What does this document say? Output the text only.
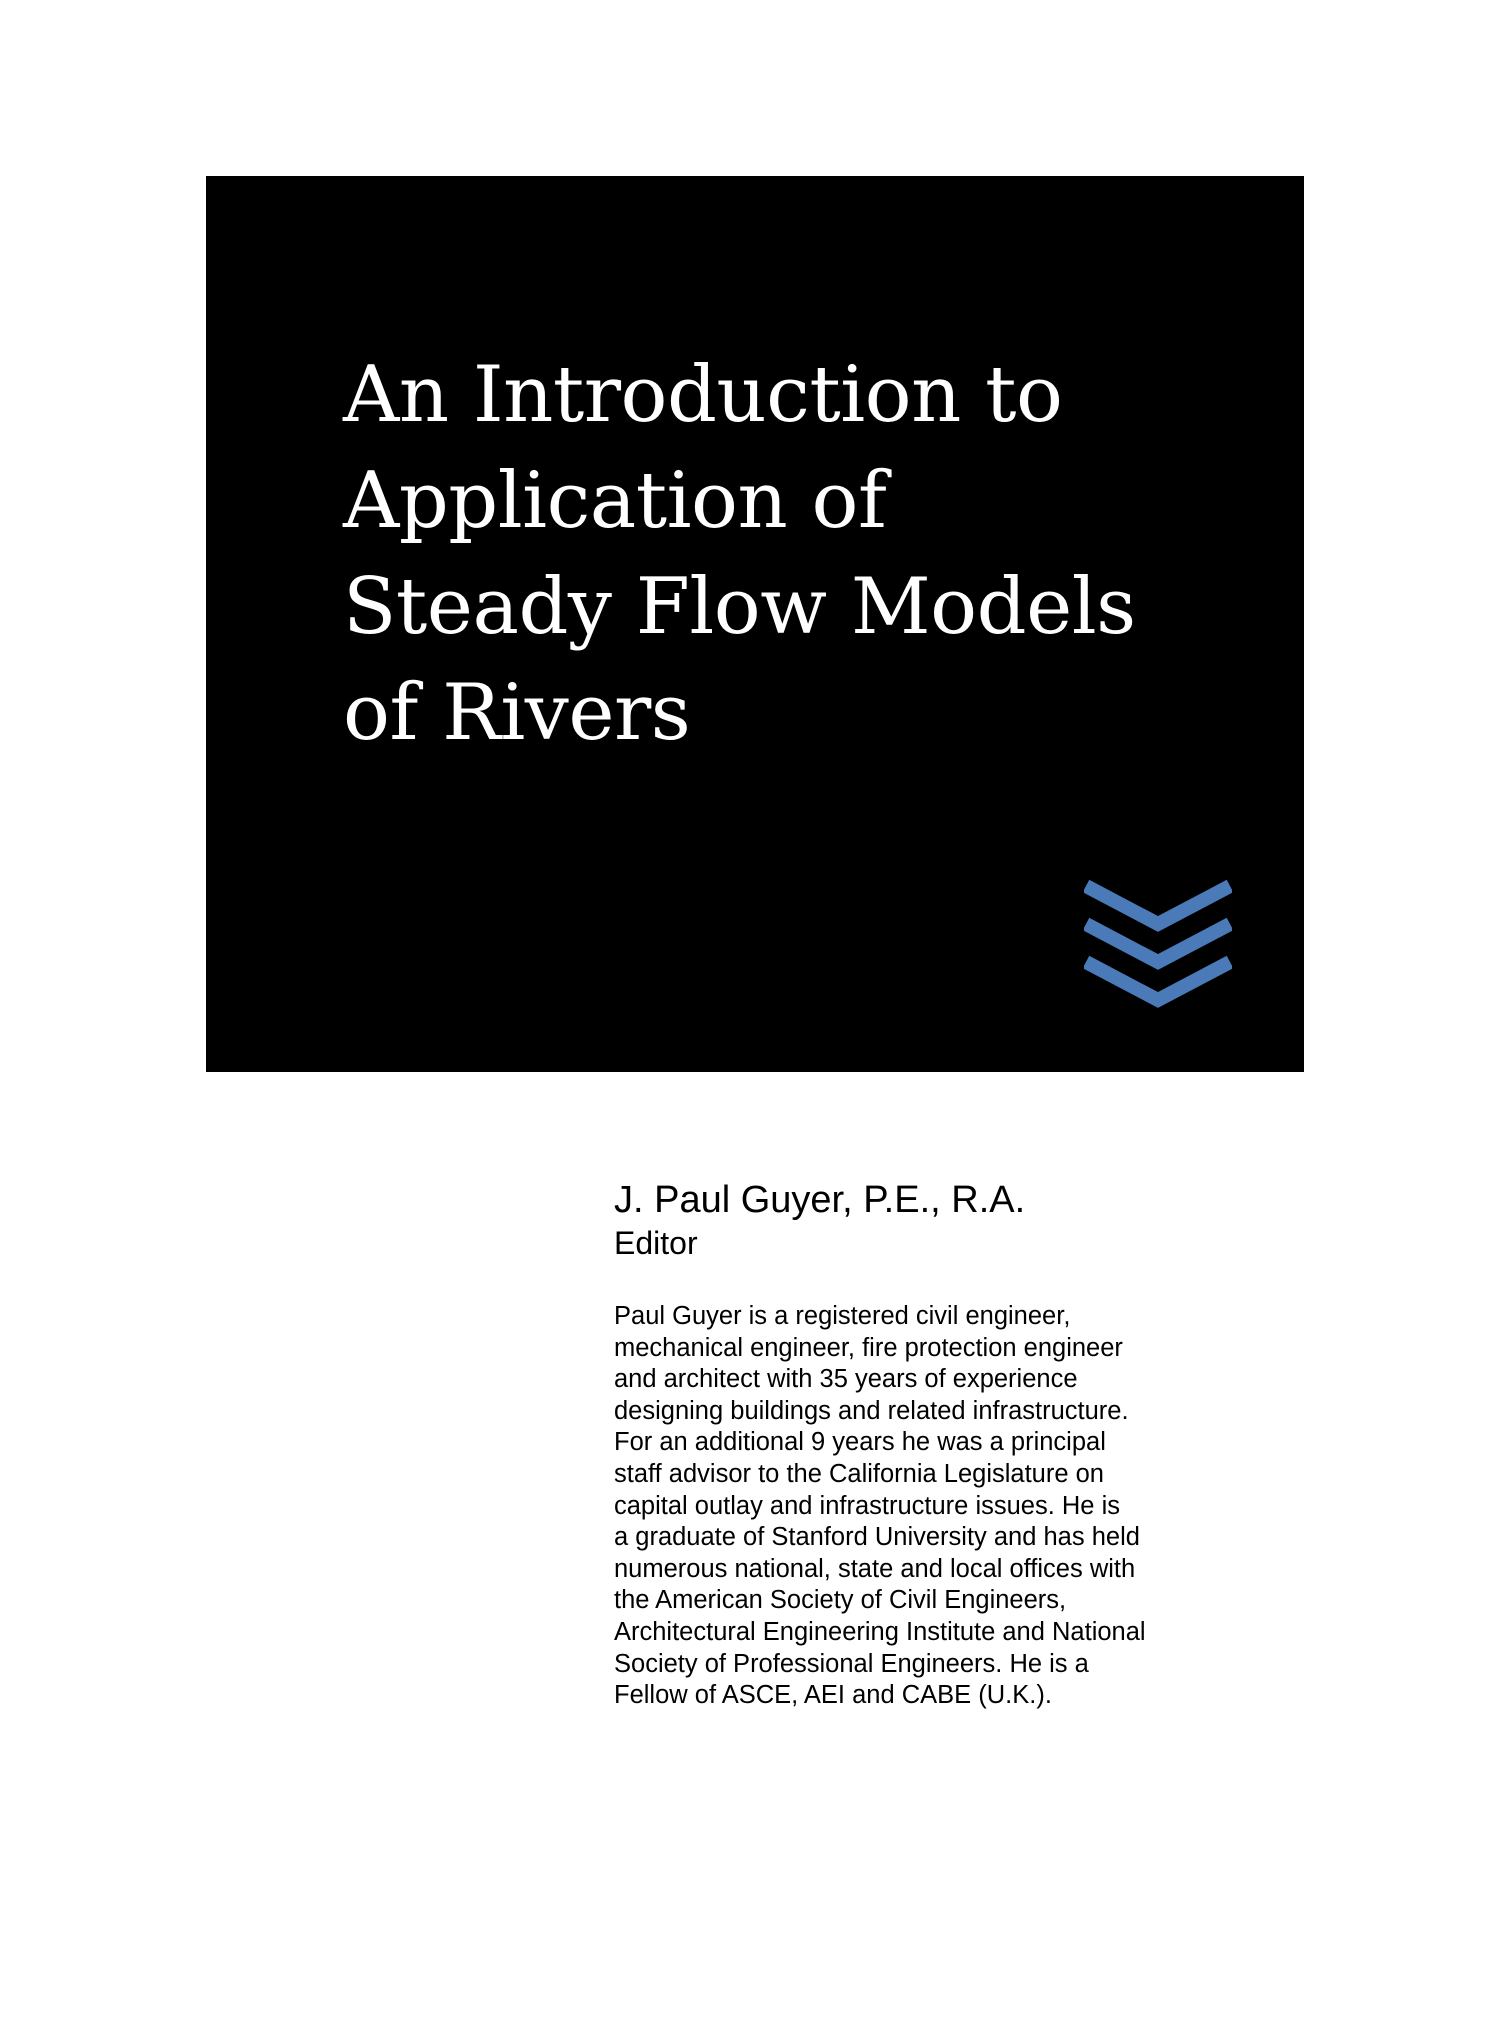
An Introduction to
Application of
Steady Flow Models
of Rivers
J. Paul Guyer, P.E., R.A.
Editor
Paul Guyer is a registered civil engineer,
mechanical engineer, fire protection engineer
and architect with 35 years of experience
designing buildings and related infrastructure.
For an additional 9 years he was a principal
staff advisor to the California Legislature on
capital outlay and infrastructure issues. He is
a graduate of Stanford University and has held
numerous national, state and local offices with
the American Society of Civil Engineers,
Architectural Engineering Institute and National
Society of Professional Engineers. He is a
Fellow of ASCE, AEI and CABE (U.K.).
